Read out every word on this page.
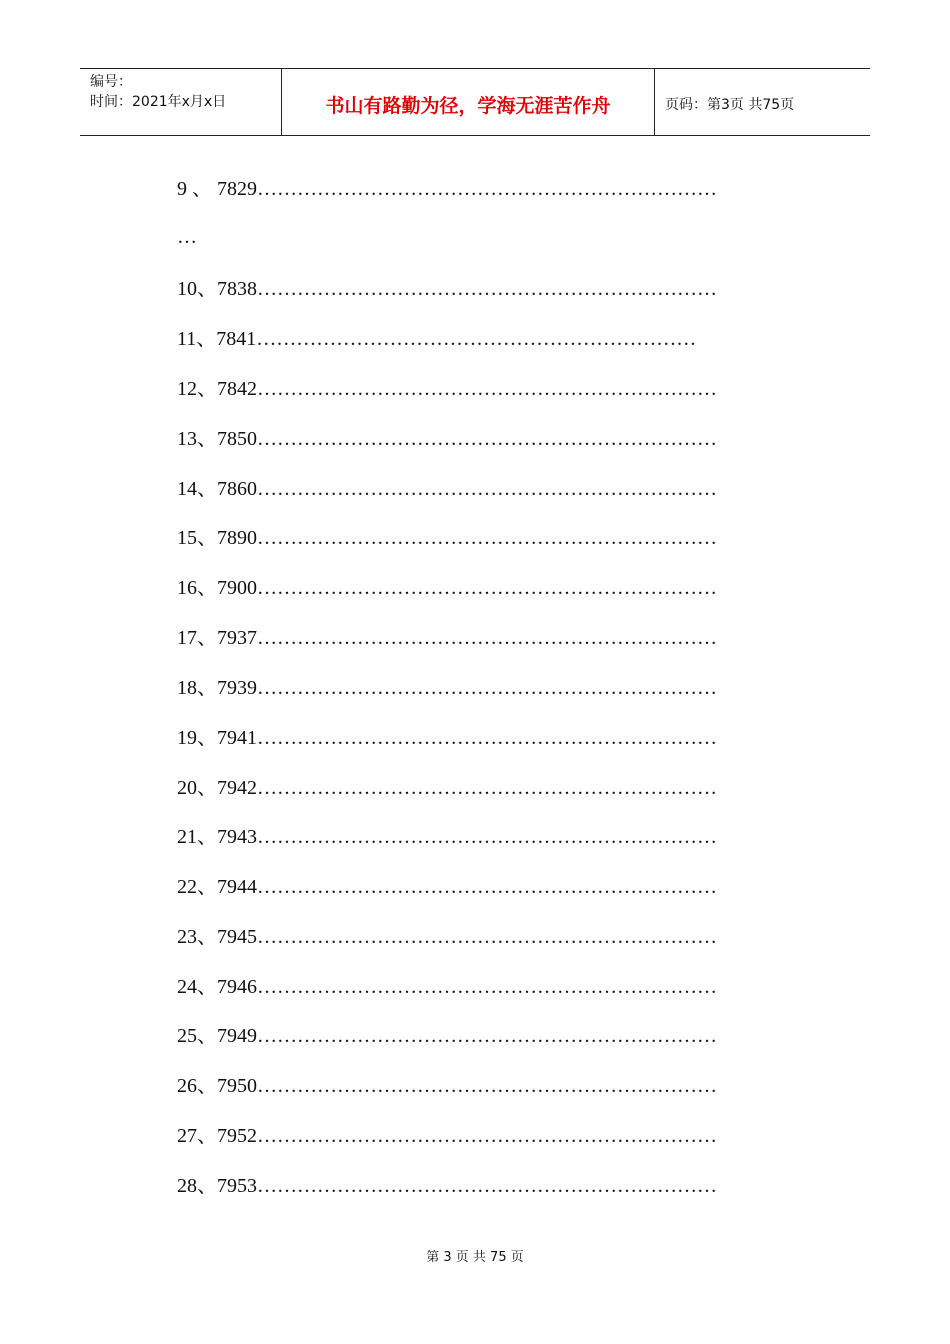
编号：
时间：2021年x月x日	书山有路勤为径，学海无涯苦作舟	页码：第3页 共75页
9 、 7829……………………………………………………………
…
10、7838……………………………………………………………
11、7841…………………………………………………………
12、7842……………………………………………………………
13、7850……………………………………………………………
14、7860……………………………………………………………
15、7890……………………………………………………………
16、7900……………………………………………………………
17、7937……………………………………………………………
18、7939……………………………………………………………
19、7941……………………………………………………………
20、7942……………………………………………………………
21、7943……………………………………………………………
22、7944……………………………………………………………
23、7945……………………………………………………………
24、7946……………………………………………………………
25、7949……………………………………………………………
26、7950……………………………………………………………
27、7952……………………………………………………………
28、7953……………………………………………………………
第 3 页 共 75 页
